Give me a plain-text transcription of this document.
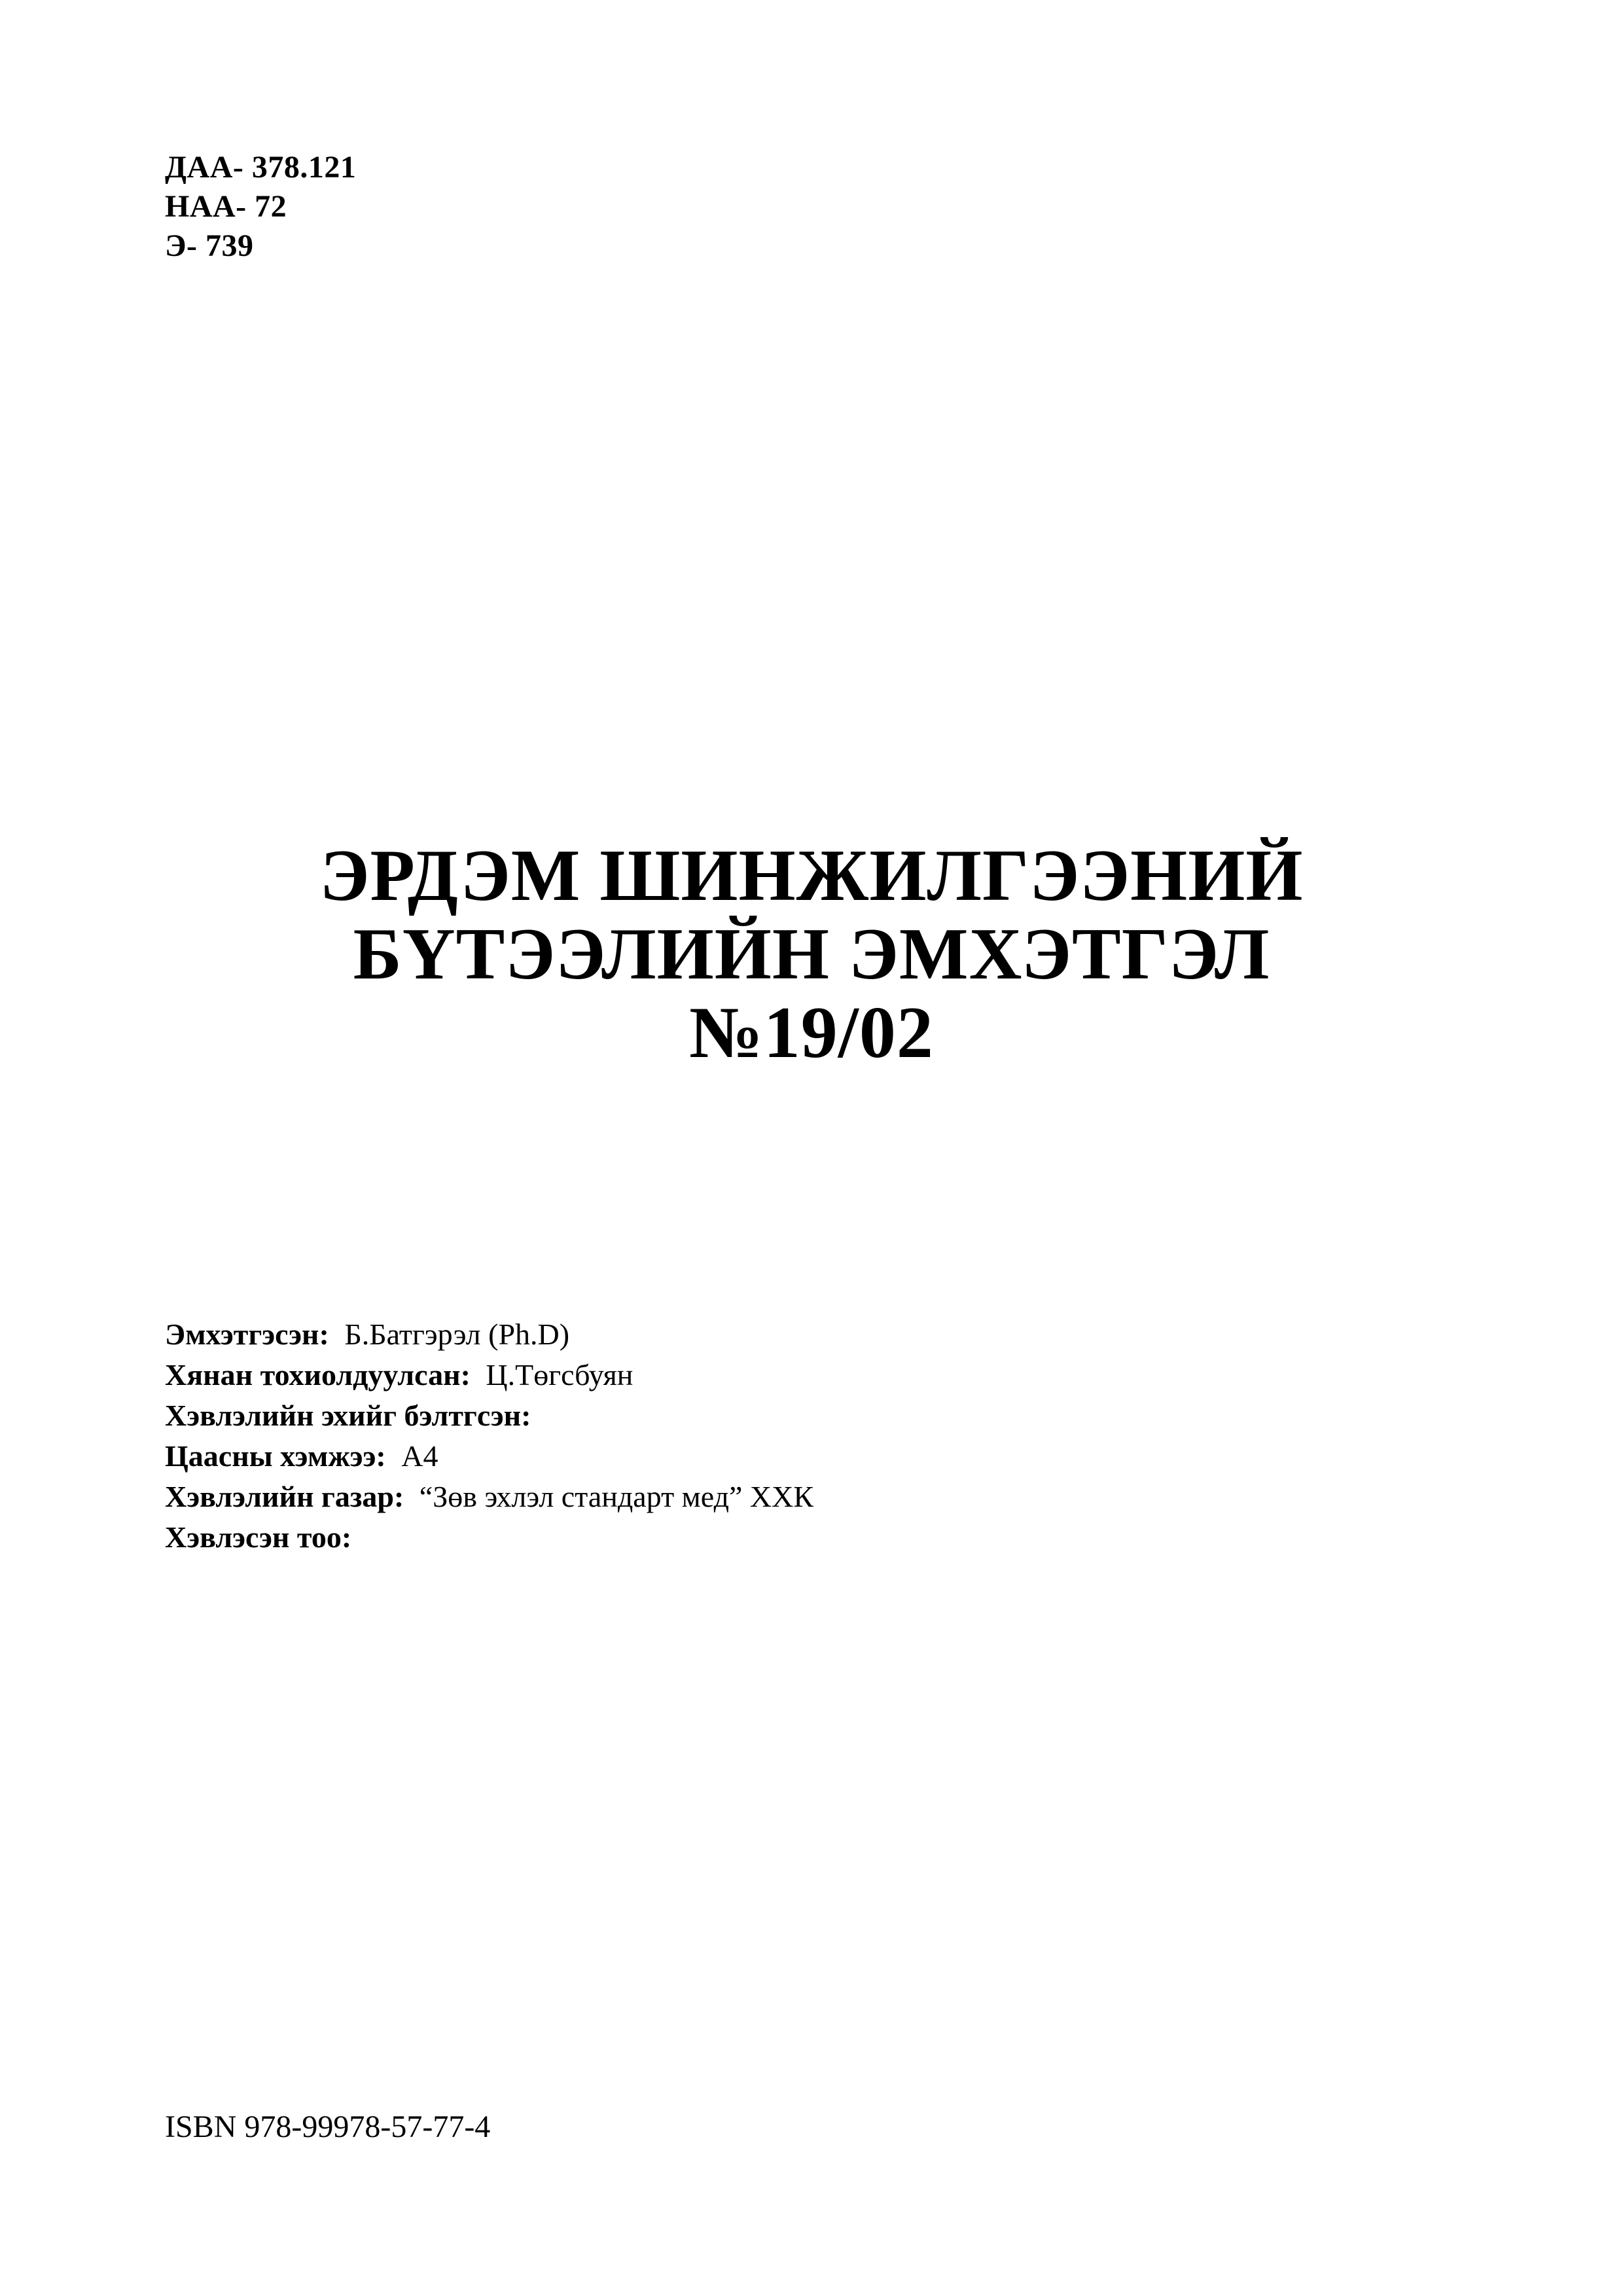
ДАА- 378.121
НАА- 72
Э- 739
ЭРДЭМ ШИНЖИЛГЭЭНИЙ
БҮТЭЭЛИЙН ЭМХЭТГЭЛ
№19/02
Эмхэтгэсэн: Б.Батгэрэл (Ph.D)
Хянан тохиолдуулсан: Ц.Төгсбуян
Хэвлэлийн эхийг бэлтгсэн:
Цаасны хэмжээ: А4
Хэвлэлийн газар: “Зөв эхлэл стандарт мед” ХХК
Хэвлэсэн тоо:
ISBN 978-99978-57-77-4
